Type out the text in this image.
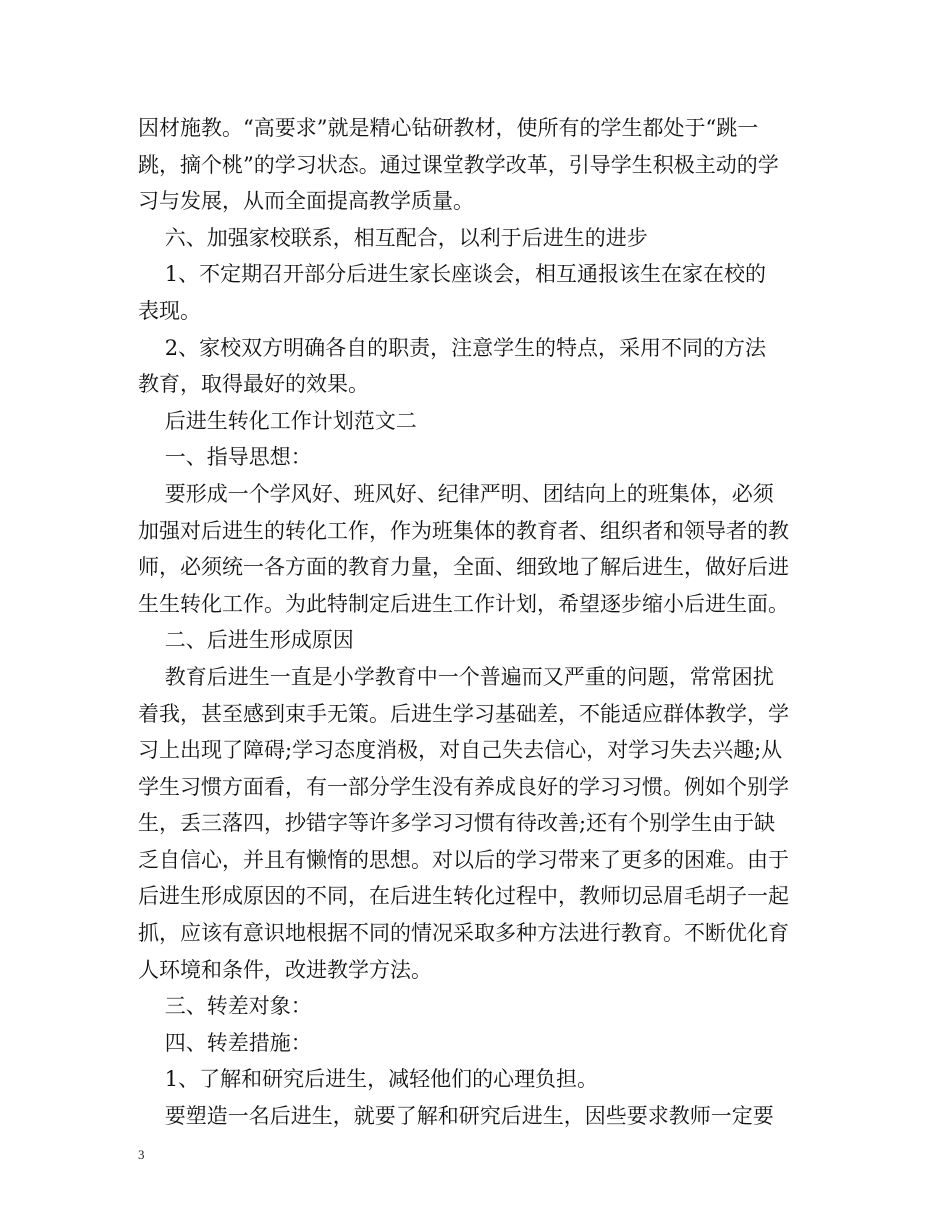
因材施教。“高要求”就是精心钻研教材，使所有的学生都处于“跳一

跳，摘个桃”的学习状态。通过课堂教学改革，引导学生积极主动的学

习与发展，从而全面提高教学质量。

六、加强家校联系，相互配合，以利于后进生的进步

1、不定期召开部分后进生家长座谈会，相互通报该生在家在校的

表现。

2、家校双方明确各自的职责，注意学生的特点，采用不同的方法

教育，取得最好的效果。

后进生转化工作计划范文二

一、指导思想：

要形成一个学风好、班风好、纪律严明、团结向上的班集体，必须

加强对后进生的转化工作，作为班集体的教育者、组织者和领导者的教

师，必须统一各方面的教育力量，全面、细致地了解后进生，做好后进

生生转化工作。为此特制定后进生工作计划，希望逐步缩小后进生面。

二、后进生形成原因

教育后进生一直是小学教育中一个普遍而又严重的问题，常常困扰

着我，甚至感到束手无策。后进生学习基础差，不能适应群体教学，学

习上出现了障碍;学习态度消极，对自己失去信心，对学习失去兴趣;从

学生习惯方面看，有一部分学生没有养成良好的学习习惯。例如个别学

生，丢三落四，抄错字等许多学习习惯有待改善;还有个别学生由于缺

乏自信心，并且有懒惰的思想。对以后的学习带来了更多的困难。由于

后进生形成原因的不同，在后进生转化过程中，教师切忌眉毛胡子一起

抓，应该有意识地根据不同的情况采取多种方法进行教育。不断优化育

人环境和条件，改进教学方法。

三、转差对象：

四、转差措施：

1、了解和研究后进生，减轻他们的心理负担。

要塑造一名后进生，就要了解和研究后进生，因些要求教师一定要

3
